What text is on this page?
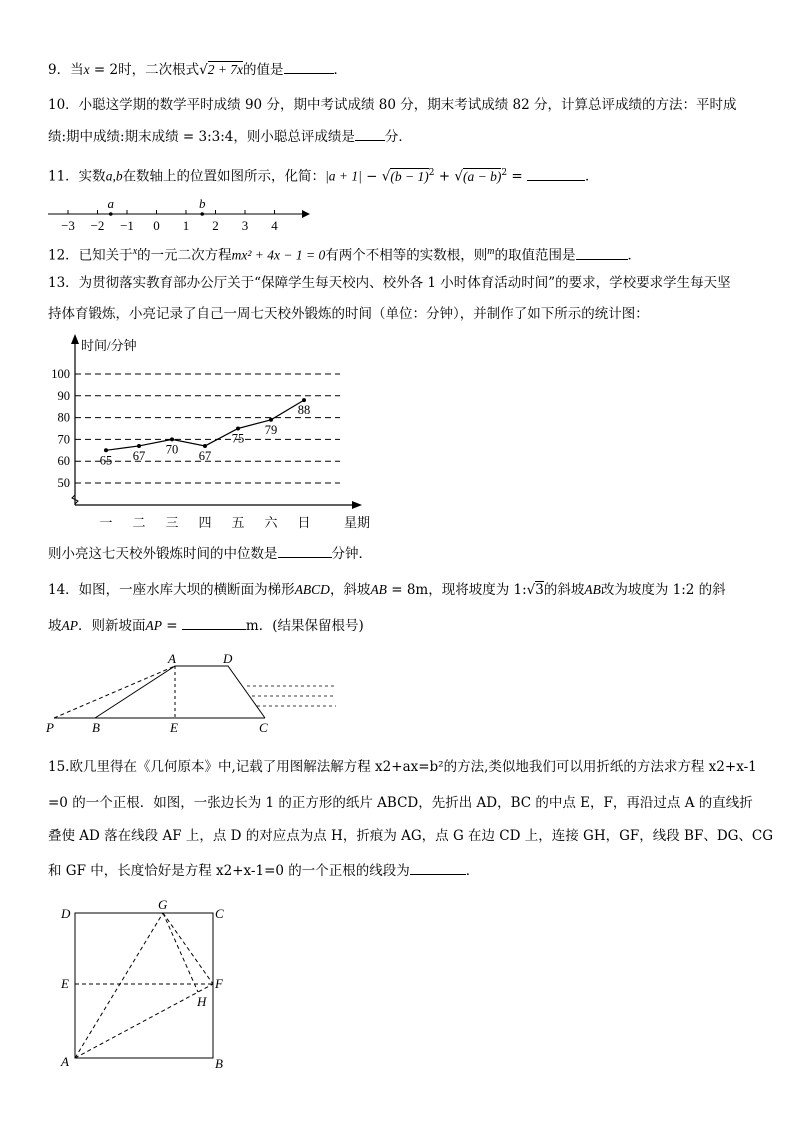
9．当x = 2时，二次根式√2 + 7x的值是	．
10．小聪这学期的数学平时成绩 90 分，期中考试成绩 80 分，期末考试成绩 82 分，计算总评成绩的方法：平时成
绩:期中成绩:期末成绩 = 3:3:4，则小聪总评成绩是 分．
11．实数a,b在数轴上的位置如图所示，化简：$|a + 1| - √(b - 1)^2 + √(a - b)^2$ =	．
−3 −2 −1 0 1 2 3 4
a	b
12．已知关于$^x$的一元二次方程mx² + 4x − 1 = 0有两个不相等的实数根，则$^m$的取值范围是	．
13．为贯彻落实教育部办公厅关于“保障学生每天校内、校外各 1 小时体育活动时间”的要求，学校要求学生每天坚
持体育锻炼，小亮记录了自己一周七天校外锻炼的时间（单位：分钟），并制作了如下所示的统计图：
时间/分钟
星期
50
60
70
80
90
100
一 二 三 四 五 六 日
65 67 70 67
75
79
88
则小亮这七天校外锻炼时间的中位数是	分钟．
14．如图，一座水库大坝的横断面为梯形ABCD，斜坡AB = 8m，现将坡度为 1:√3的斜坡AB改为坡度为 1:2 的斜
坡AP．则新坡面AP =	m．(结果保留根号)
A	D
P	B	E	C
15.欧几里得在《几何原本》中,记载了用图解法解方程 x2+ax=b²的方法,类似地我们可以用折纸的方法求方程 x2+x-1
=0 的一个正根．如图，一张边长为 1 的正方形的纸片 ABCD，先折出 AD，BC 的中点 E，F，再沿过点 A 的直线折
叠使 AD 落在线段 AF 上，点 D 的对应点为点 H，折痕为 AG，点 G 在边 CD 上，连接 GH，GF，线段 BF、DG、CG
和 GF 中，长度恰好是方程 x2+x-1=0 的一个正根的线段为	．
D
G
C
E	F
H
A	B
